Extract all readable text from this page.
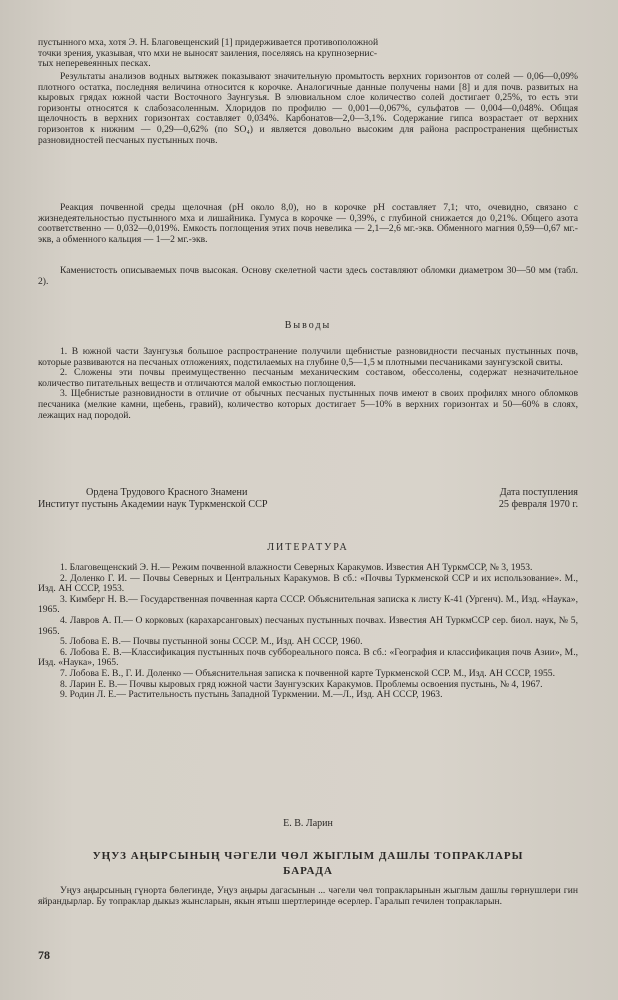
пустынного мха, хотя Э. Н. Благовещенский [1] придерживается противоположной

точки зрения, указывая, что мхи не выносят заиления, поселяясь на крупнозернис-

тых непереве́янных песках.

Результаты анализов водных вытяжек показывают значительную промытость верхних горизонтов от солей — 0,06—0,09% плотного остатка, последняя величина относится к корочке. Аналогичные данные получены нами [8] и для почв. развитых на кыровых грядах южной части Восточного Заунгузья. В элювиальном слое количество солей достигает 0,25%, то есть эти горизонты относятся к слабозасоленным. Хлоридов по профилю — 0,001—0,067%, сульфатов — 0,004—0,048%. Общая щелочность в верхних горизонтах составляет 0,034%. Карбонатов—2,0—3,1%. Содержание гипса возрастает от верхних горизонтов к нижним — 0,29—0,62% (по SO₄) и является довольно высоким для района распространения щебнистых разновидностей песчаных пустынных почв.

Реакция почвенной среды щелочная (рН около 8,0), но в корочке рН составляет 7,1; что, очевидно, связано с жизнедеятельностью пустынного мха и лишайника. Гумуса в корочке — 0,39%, с глубиной снижается до 0,21%. Общего азота соответственно — 0,032—0,019%. Емкость поглощения этих почв невелика — 2,1—2,6 мг.-экв. Обменного магния 0,59—0,67 мг.-экв, а обменного кальция — 1—2 мг.-экв.

Каменистость описываемых почв высокая. Основу скелетной части здесь составляют обломки диаметром 30—50 мм (табл. 2).

Выводы

1. В южной части Заунгузья большое распространение получили щебнистые разновидности песчаных пустынных почв, которые развиваются на песчаных отложениях, подстилаемых на глубине 0,5—1,5 м плотными песчаниками заунгузской свиты.

2. Сложены эти почвы преимущественно песчаным механическим составом, обессолены, содержат незначительное количество питательных веществ и отличаются малой емкостью поглощения.

3. Щебнистые разновидности в отличие от обычных песчаных пустынных почв имеют в своих профилях много обломков песчаника (мелкие камни, щебень, гравий), количество которых достигает 5—10% в верхних горизонтах и 50—60% в слоях, лежащих над породой.

Ордена Трудового Красного Знамени	Дата поступления
Институт пустынь Академии наук Туркменской ССР	25 февраля 1970 г.
ЛИТЕРАТУРА

1. Благовещенский Э. Н.— Режим почвенной влажности Северных Каракумов. Известия АН ТуркмССР, № 3, 1953.

2. Доленко Г. И. — Почвы Северных и Центральных Каракумов. В сб.: «Почвы Туркменской ССР и их использование». М., Изд. АН СССР, 1953.

3. Кимберг Н. В.— Государственная почвенная карта СССР. Объяснительная записка к листу К-41 (Ургенч). М., Изд. «Наука», 1965.

4. Лавров А. П.— О корковых (карахарсанговых) песчаных пустынных почвах. Известия АН ТуркмССР сер. биол. наук, № 5, 1965.

5. Лобова Е. В.— Почвы пустынной зоны СССР. М., Изд. АН СССР, 1960.

6. Лобова Е. В.—Классификация пустынных почв суббореального пояса. В сб.: «География и классификация почв Азии», М., Изд. «Наука», 1965.

7. Лобова Е. В., Г. И. Доленко — Объяснительная записка к почвенной карте Туркменской ССР. М., Изд. АН СССР, 1955.

8. Ларин Е. В.— Почвы кыровых гряд южной части Заунгузских Каракумов. Проблемы освоения пустынь, № 4, 1967.

9. Родин Л. Е.— Растительность пустынь Западной Туркмении. М.—Л., Изд. АН СССР, 1963.

Е. В. Ларин
УҢУЗ АҢЫРСЫНЫҢ ЧӘГЕЛИ ЧӨЛ ЖЫГЛЫМ ДАШЛЫ ТОПРАКЛАРЫ
БАРАДА

Уңуз аңырсының гүнорта бөлегинде, Уңуз аңыры дагасынын ... чәгели чөл топракларынын жыглым дашлы гөрнушлери гин яйрандырлар. Бу топраклар дыкыз жынсларын, якын ятыш шертлеринде өсерлер. Гаралып гечилен топракларын.

78
